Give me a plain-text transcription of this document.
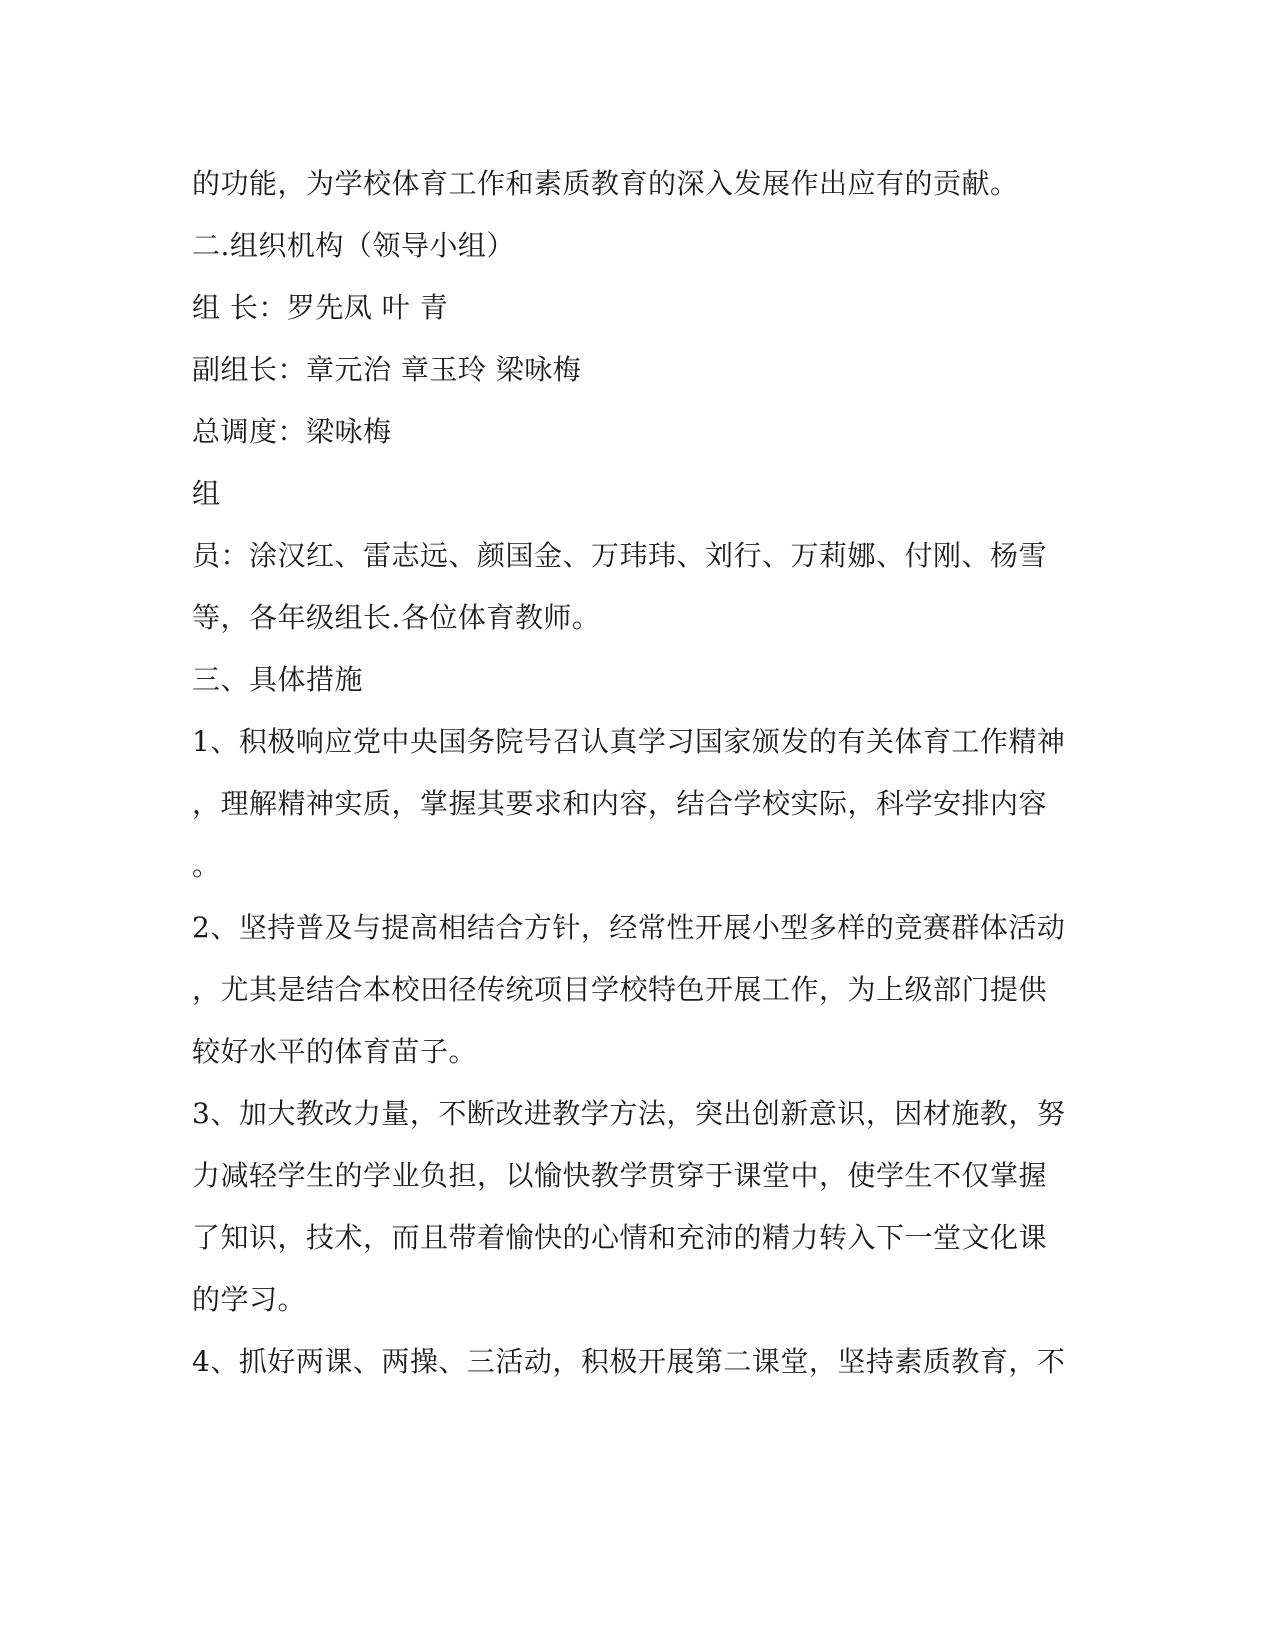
的功能，为学校体育工作和素质教育的深入发展作出应有的贡献。

二.组织机构（领导小组）

组 长：罗先凤 叶 青

副组长：章元治 章玉玲 梁咏梅

总调度：梁咏梅

组

员：涂汉红、雷志远、颜国金、万玮玮、刘行、万莉娜、付刚、杨雪

等，各年级组长.各位体育教师。

三、具体措施

1、积极响应党中央国务院号召认真学习国家颁发的有关体育工作精神

，理解精神实质，掌握其要求和内容，结合学校实际，科学安排内容

。

2、坚持普及与提高相结合方针，经常性开展小型多样的竞赛群体活动

，尤其是结合本校田径传统项目学校特色开展工作，为上级部门提供

较好水平的体育苗子。

3、加大教改力量，不断改进教学方法，突出创新意识，因材施教，努

力减轻学生的学业负担，以愉快教学贯穿于课堂中，使学生不仅掌握

了知识，技术，而且带着愉快的心情和充沛的精力转入下一堂文化课

的学习。

4、抓好两课、两操、三活动，积极开展第二课堂，坚持素质教育，不
